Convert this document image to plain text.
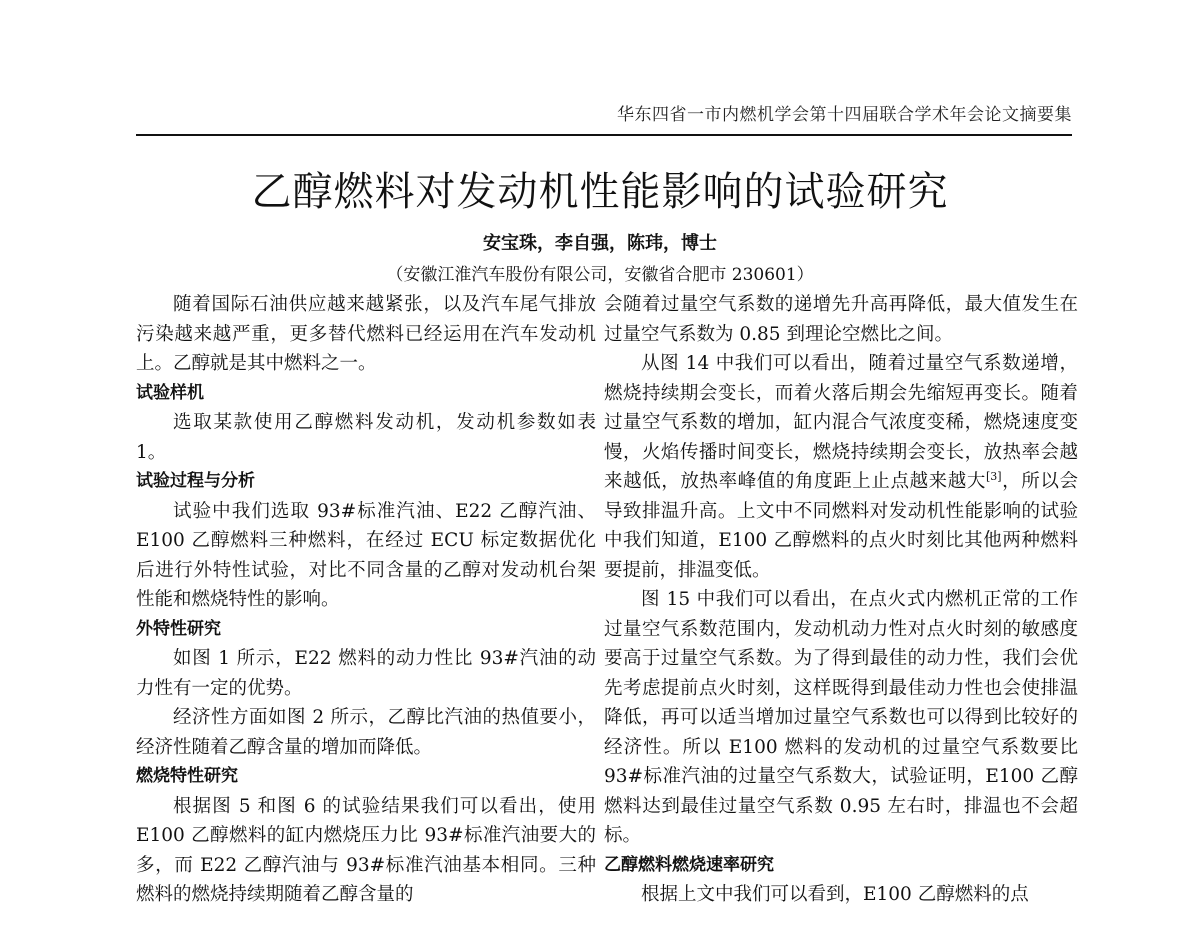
华东四省一市内燃机学会第十四届联合学术年会论文摘要集
乙醇燃料对发动机性能影响的试验研究
安宝珠，李自强，陈玮，博士
（安徽江淮汽车股份有限公司，安徽省合肥市 230601）

随着国际石油供应越来越紧张，以及汽车尾气排放污染越来越严重，更多替代燃料已经运用在汽车发动机上。乙醇就是其中燃料之一。

试验样机

选取某款使用乙醇燃料发动机，发动机参数如表 1。

试验过程与分析

试验中我们选取 93#标准汽油、E22 乙醇汽油、E100 乙醇燃料三种燃料，在经过 ECU 标定数据优化后进行外特性试验，对比不同含量的乙醇对发动机台架性能和燃烧特性的影响。

外特性研究

如图 1 所示，E22 燃料的动力性比 93#汽油的动力性有一定的优势。

经济性方面如图 2 所示，乙醇比汽油的热值要小，经济性随着乙醇含量的增加而降低。

燃烧特性研究

根据图 5 和图 6 的试验结果我们可以看出，使用 E100 乙醇燃料的缸内燃烧压力比 93#标准汽油要大的多，而 E22 乙醇汽油与 93#标准汽油基本相同。三种燃料的燃烧持续期随着乙醇含量的

会随着过量空气系数的递增先升高再降低，最大值发生在过量空气系数为 0.85 到理论空燃比之间。

从图 14 中我们可以看出，随着过量空气系数递增，燃烧持续期会变长，而着火落后期会先缩短再变长。随着过量空气系数的增加，缸内混合气浓度变稀，燃烧速度变慢，火焰传播时间变长，燃烧持续期会变长，放热率会越来越低，放热率峰值的角度距上止点越来越大[3]，所以会导致排温升高。上文中不同燃料对发动机性能影响的试验中我们知道，E100 乙醇燃料的点火时刻比其他两种燃料要提前，排温变低。

图 15 中我们可以看出，在点火式内燃机正常的工作过量空气系数范围内，发动机动力性对点火时刻的敏感度要高于过量空气系数。为了得到最佳的动力性，我们会优先考虑提前点火时刻，这样既得到最佳动力性也会使排温降低，再可以适当增加过量空气系数也可以得到比较好的经济性。所以 E100 燃料的发动机的过量空气系数要比 93#标准汽油的过量空气系数大，试验证明，E100 乙醇燃料达到最佳过量空气系数 0.95 左右时，排温也不会超标。

乙醇燃料燃烧速率研究

根据上文中我们可以看到，E100 乙醇燃料的点
